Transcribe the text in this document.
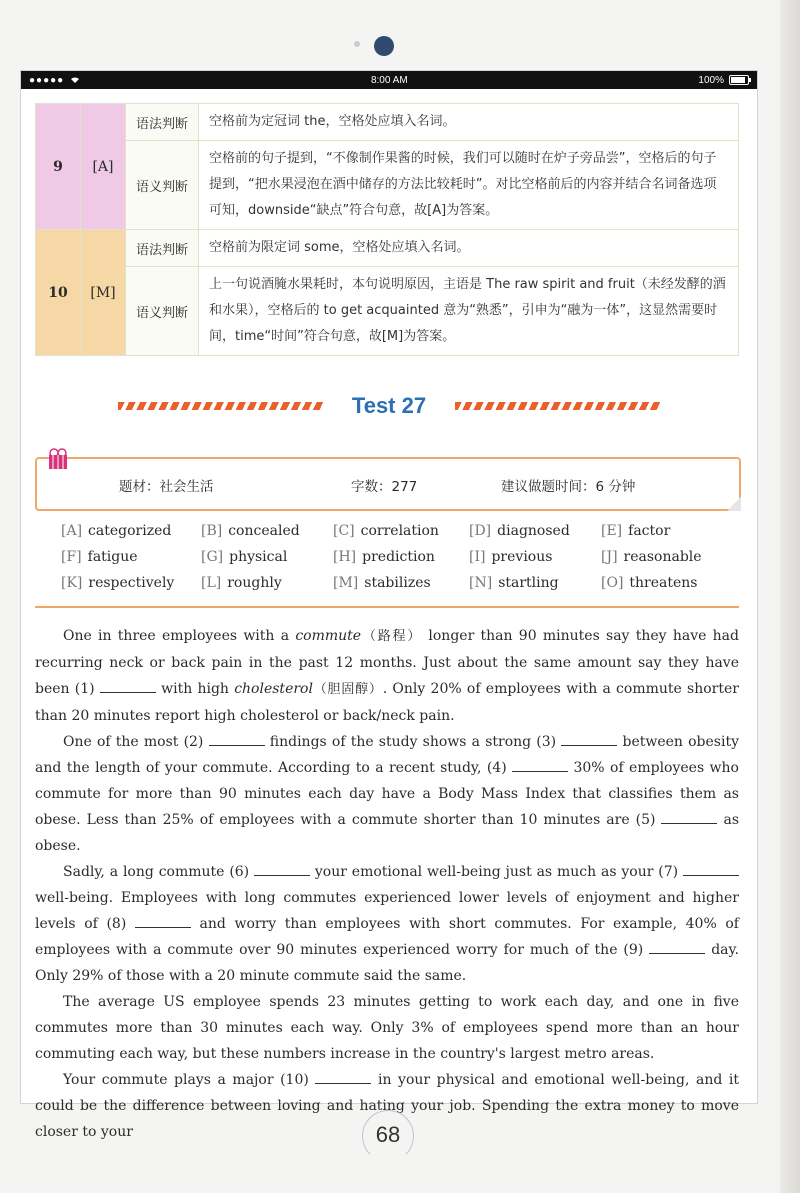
●●●●●	8:00 AM	100%
9	[A]	语法判断	空格前为定冠词 the，空格处应填入名词。
		语义判断	空格前的句子提到，“不像制作果酱的时候，我们可以随时在炉子旁品尝”，空格后的句子提到，“把水果浸泡在酒中储存的方法比较耗时”。对比空格前后的内容并结合名词备选项可知，downside“缺点”符合句意，故[A]为答案。
10	[M]	语法判断	空格前为限定词 some，空格处应填入名词。
		语义判断	上一句说酒腌水果耗时，本句说明原因，主语是 The raw spirit and fruit（未经发酵的酒和水果），空格后的 to get acquainted 意为“熟悉”，引申为“融为一体”，这显然需要时间，time“时间”符合句意，故[M]为答案。
Test 27
题材：社会生活	字数：277	建议做题时间：6 分钟
[A] categorized [B] concealed [C] correlation [D] diagnosed [E] factor
[F] fatigue	[G] physical	[H] prediction [I] previous	[J] reasonable
[K] respectively [L] roughly	[M] stabilizes	[N] startling	[O] threatens

One in three employees with a commute（路程） longer than 90 minutes say they have had recurring neck or back pain in the past 12 months. Just about the same amount say they have been (1)	with high cholesterol（胆固醇）. Only 20% of employees with a commute shorter than 20 minutes report high cholesterol or back/neck pain.

One of the most (2)	findings of the study shows a strong (3)	between obesity and the length of your commute. According to a recent study, (4)	30% of employees who commute for more than 90 minutes each day have a Body Mass Index that classifies them as obese. Less than 25% of employees with a commute shorter than 10 minutes are (5)	as obese.

Sadly, a long commute (6)	your emotional well-being just as much as your (7)  well-being. Employees with long commutes experienced lower levels of enjoyment and higher levels of (8)	and worry than employees with short commutes. For example, 40% of employees with a commute over 90 minutes experienced worry for much of the (9)	day. Only 29% of those with a 20 minute commute said the same.

The average US employee spends 23 minutes getting to work each day, and one in five commutes more than 30 minutes each way. Only 3% of employees spend more than an hour commuting each way, but these numbers increase in the country's largest metro areas.

Your commute plays a major (10)	in your physical and emotional well-being, and it could be the difference between loving and hating your job. Spending the extra money to move closer to your	68
